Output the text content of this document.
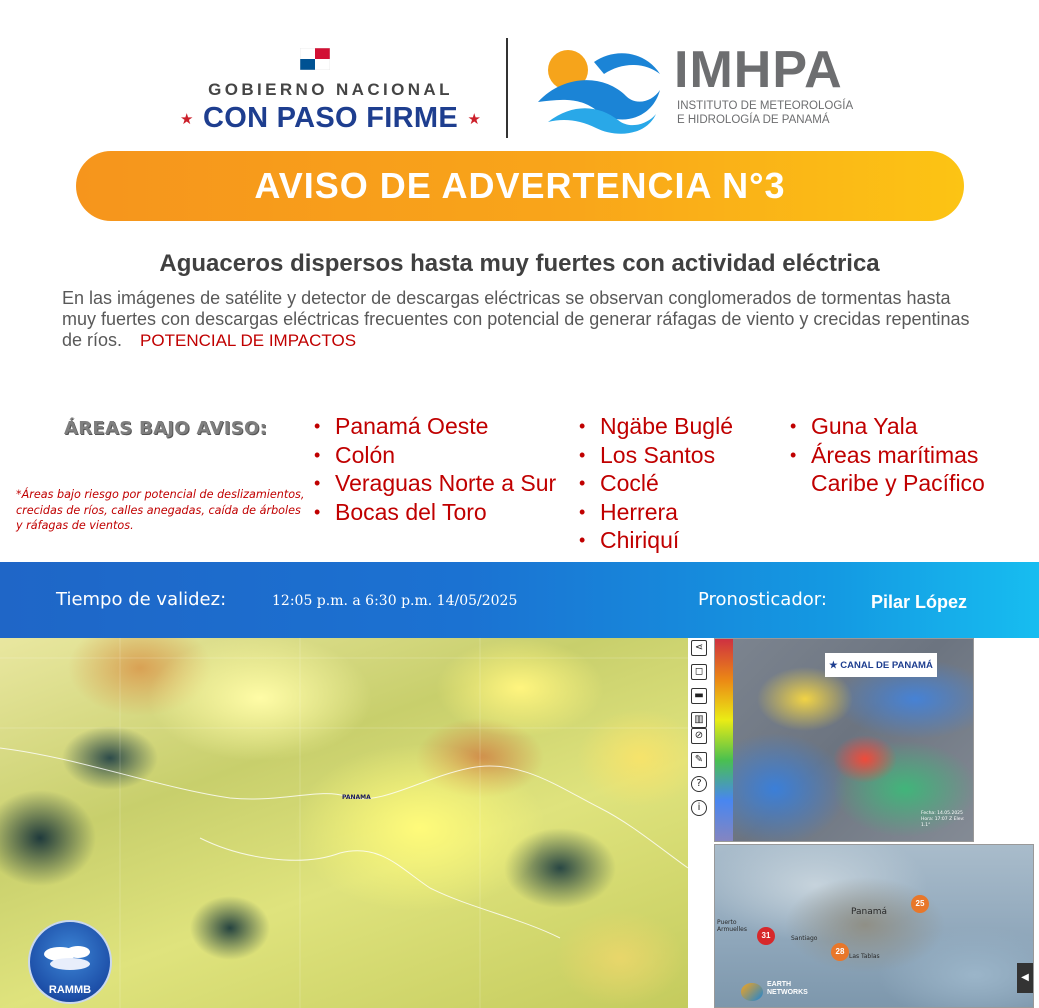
GOBIERNO NACIONAL
★ CON PASO FIRME ★
IMHPA
INSTITUTO DE METEOROLOGÍA
E HIDROLOGÍA DE PANAMÁ
AVISO DE ADVERTENCIA N°3
Aguaceros dispersos hasta muy fuertes con actividad eléctrica
En las imágenes de satélite y detector de descargas eléctricas se observan conglomerados de tormentas hasta muy fuertes con descargas eléctricas frecuentes con potencial de generar ráfagas de viento y crecidas repentinas de ríos. POTENCIAL DE IMPACTOS
ÁREAS BAJO AVISO:
•	Panamá Oeste
• Colón
• Veraguas Norte a Sur
• Bocas del Toro
• Ngäbe Buglé
• Los Santos
• Coclé
• Herrera
• Chiriquí
• Guna Yala
• Áreas marítimas Caribe y Pacífico
*Áreas bajo riesgo por potencial de deslizamientos, crecidas de ríos, calles anegadas, caída de árboles y ráfagas de vientos.
Tiempo de validez:	12:05 p.m. a 6:30 p.m. 14/05/2025	Pronosticador: Pilar López
PANAMA
RAMMB
⋖
◻
▬
▥
⊘
✎
?
i
★ CANAL DE PANAMÁ
Fecha: 14.05.2025 Hora: 17:07 Z Elev: 1.1°
31
25
28
Panamá
Puerto Armuelles
Las Tablas
Santiago
EARTH NETWORKS
◀
